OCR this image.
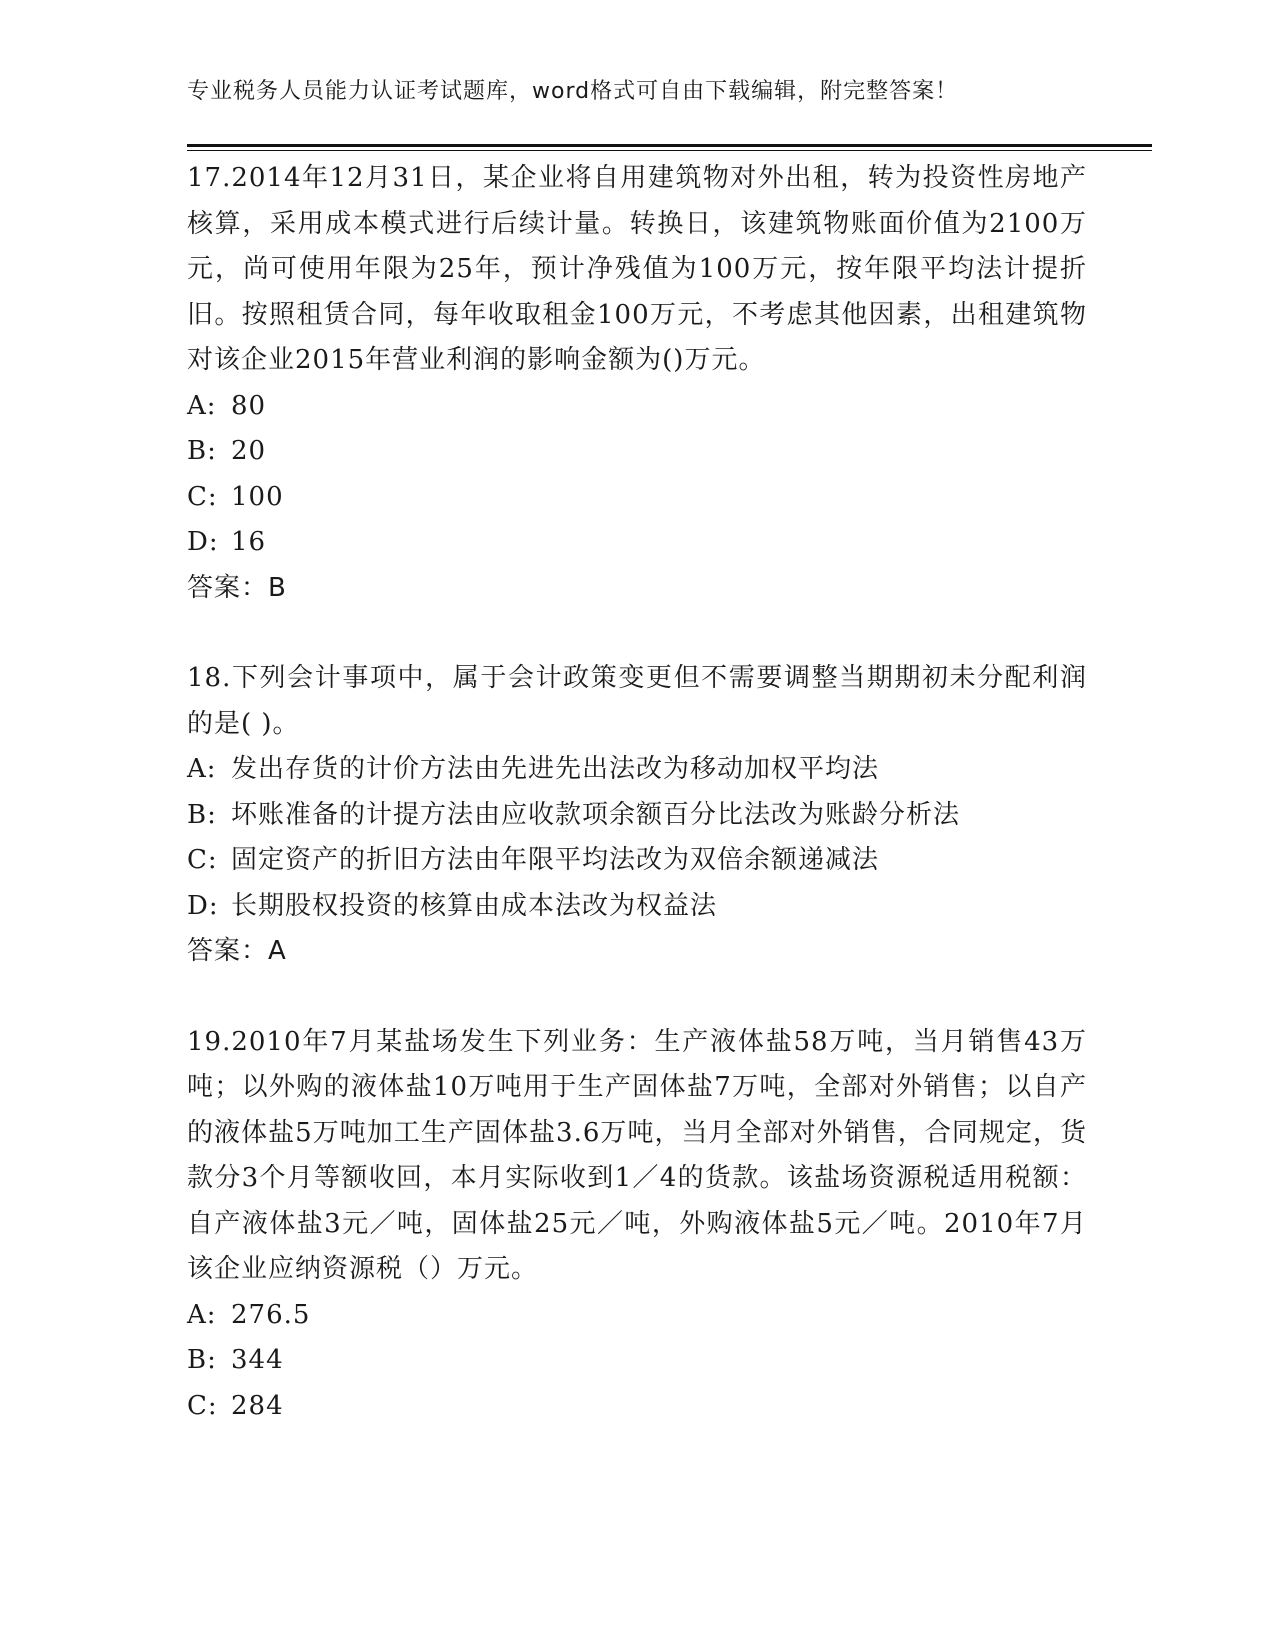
专业税务人员能力认证考试题库，word格式可自由下载编辑，附完整答案！

17.2014年12月31日，某企业将自用建筑物对外出租，转为投资性房地产核算，采用成本模式进行后续计量。转换日，该建筑物账面价值为2100万元，尚可使用年限为25年，预计净残值为100万元，按年限平均法计提折旧。按照租赁合同，每年收取租金100万元，不考虑其他因素，出租建筑物对该企业2015年营业利润的影响金额为()万元。

A: 80
B: 20
C: 100
D: 16
答案：B

18.下列会计事项中，属于会计政策变更但不需要调整当期期初未分配利润的是( )。

A: 发出存货的计价方法由先进先出法改为移动加权平均法
B: 坏账准备的计提方法由应收款项余额百分比法改为账龄分析法
C: 固定资产的折旧方法由年限平均法改为双倍余额递减法
D: 长期股权投资的核算由成本法改为权益法
答案：A

19.2010年7月某盐场发生下列业务：生产液体盐58万吨，当月销售43万吨；以外购的液体盐10万吨用于生产固体盐7万吨，全部对外销售；以自产的液体盐5万吨加工生产固体盐3.6万吨，当月全部对外销售，合同规定，货款分3个月等额收回，本月实际收到1／4的货款。该盐场资源税适用税额：自产液体盐3元／吨，固体盐25元／吨，外购液体盐5元／吨。2010年7月该企业应纳资源税（）万元。

A: 276.5
B: 344
C: 284
